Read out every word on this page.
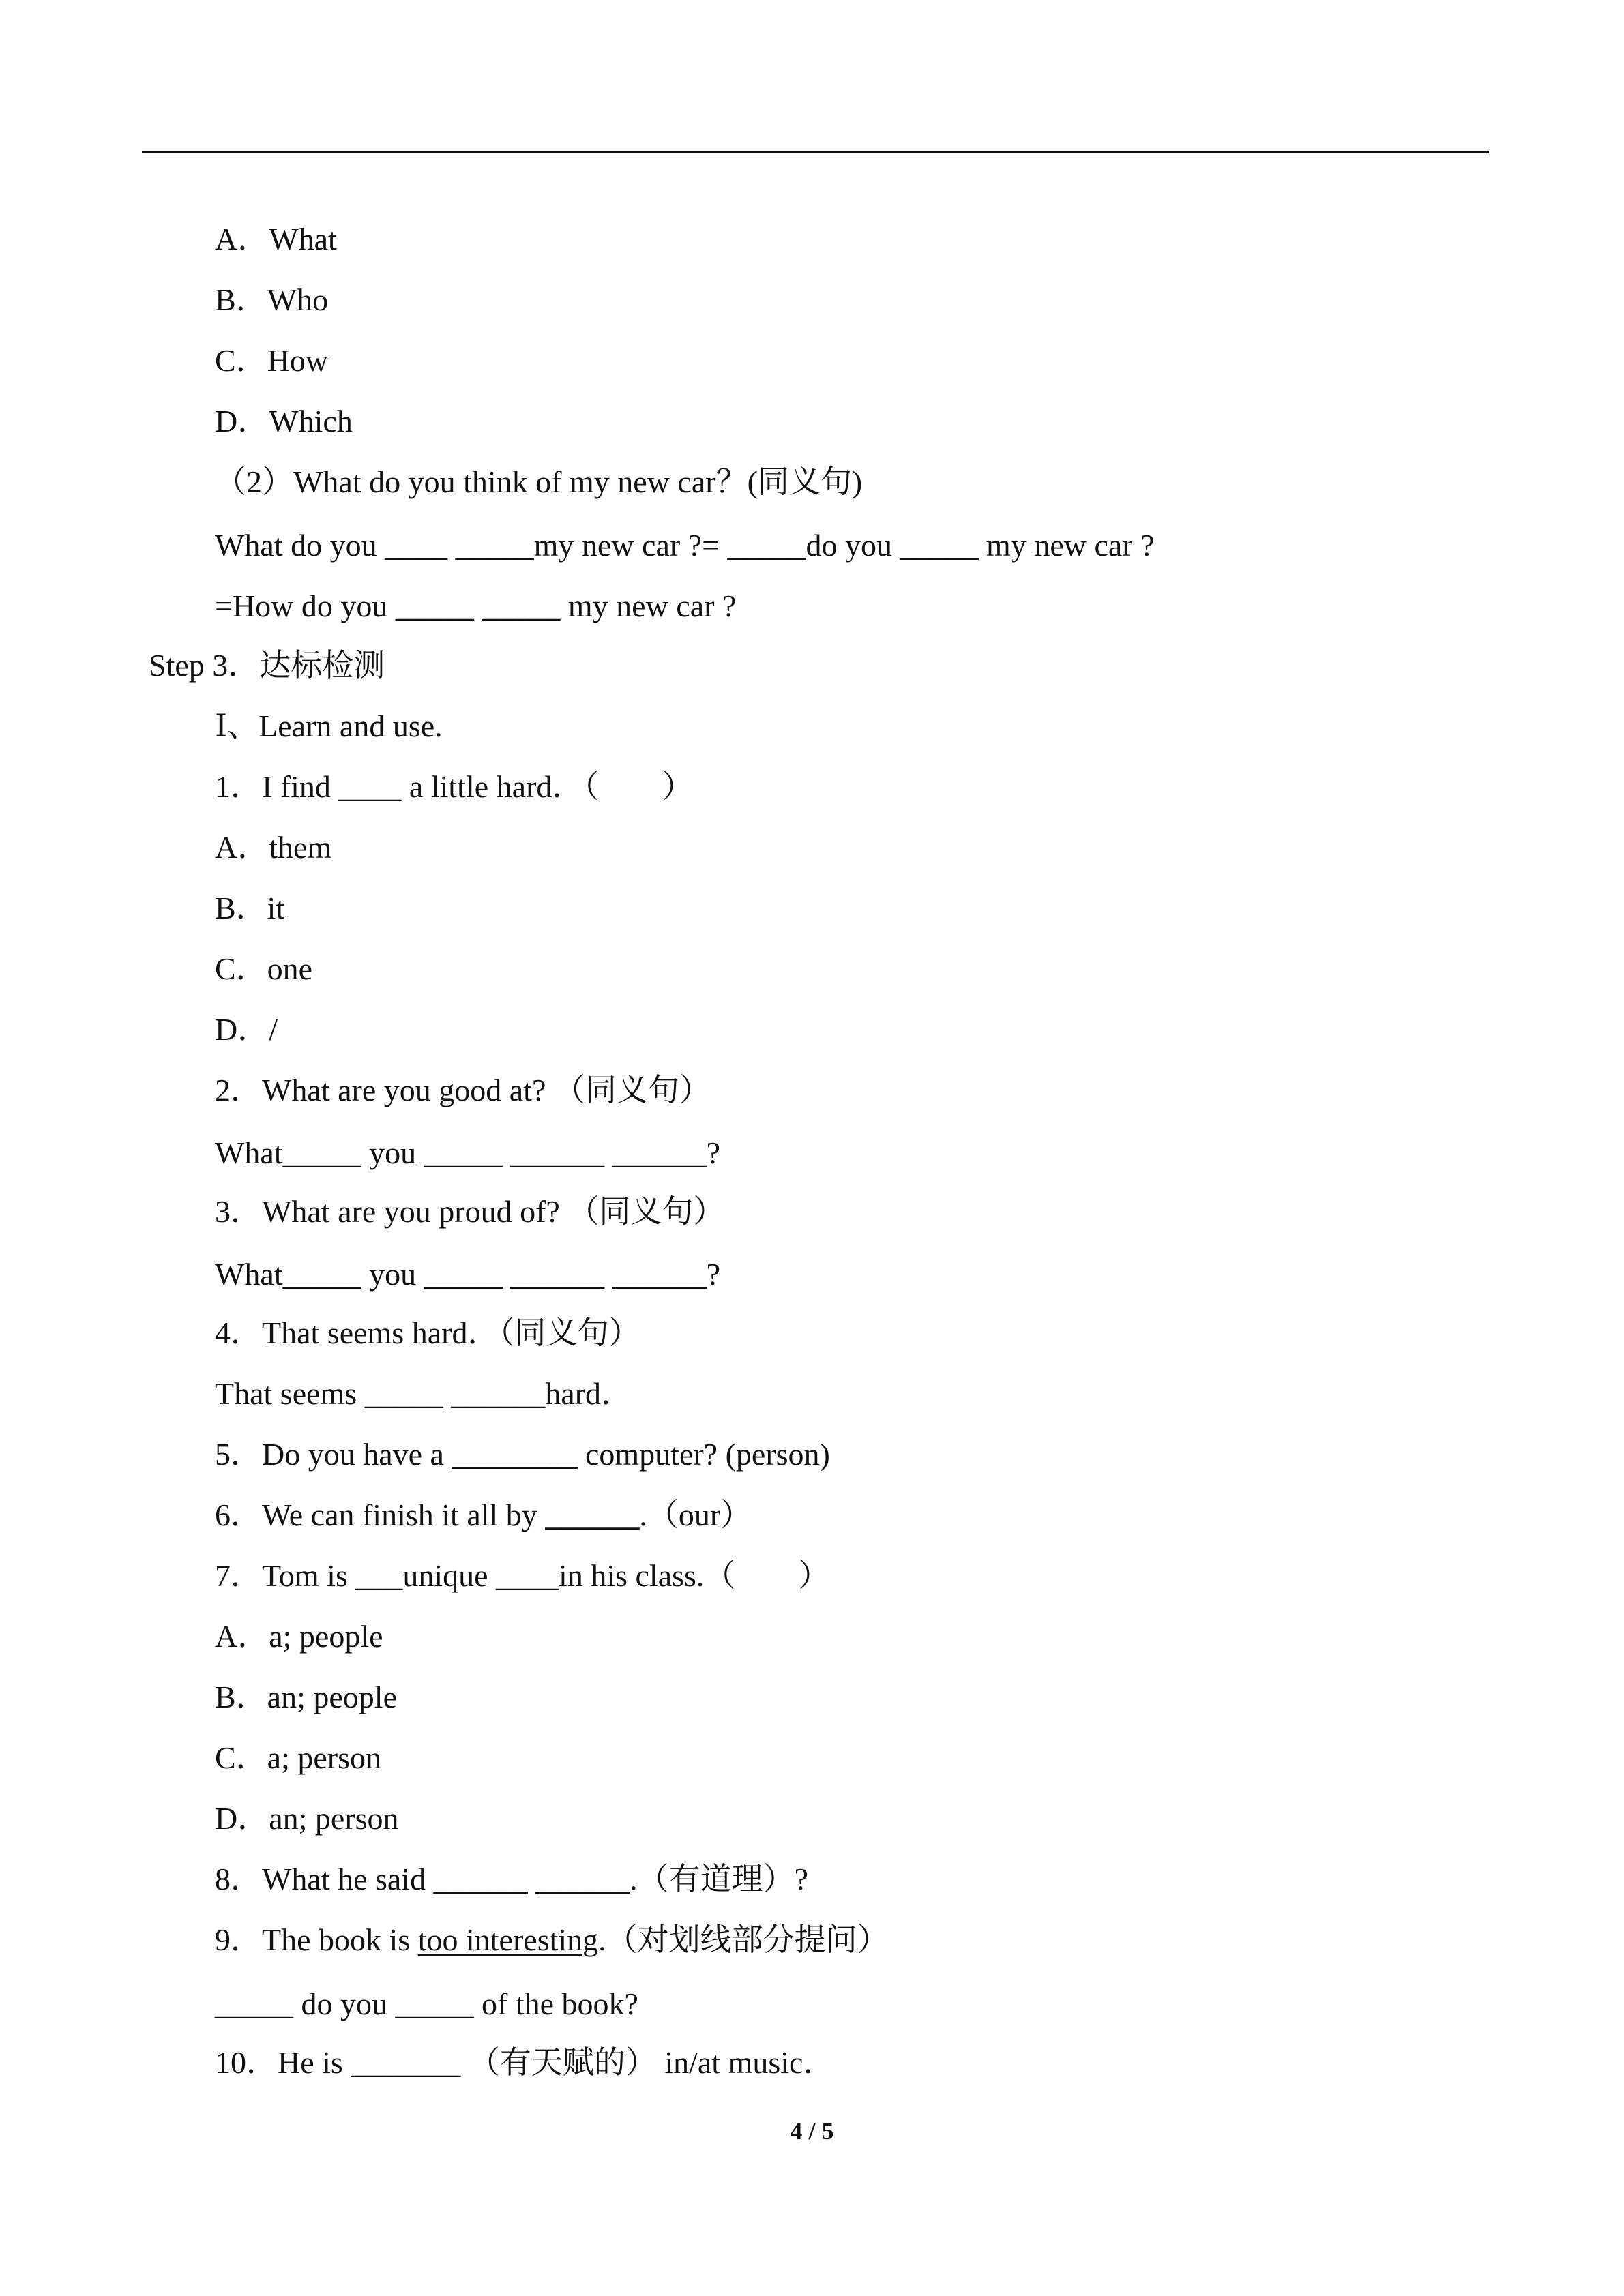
A．What
B．Who
C．How
D．Which
（2）What do you think of my new car？(同义句)
What do you ____ _____my new car ?= _____do you _____ my new car ?
=How do you _____ _____ my new car ?
Step 3．达标检测
Ⅰ、Learn and use.
1．I find ____ a little hard．（        ）
A．them
B．it
C．one
D．/
2．What are you good at? （同义句）
What_____ you _____ ______ ______?
3．What are you proud of? （同义句）
What_____ you _____ ______ ______?
4．That seems hard．（同义句）
That seems _____ ______hard．
5．Do you have a ________ computer? (person)
6．We can finish it all by ______.（our）
7．Tom is ___unique ____in his class.（        ）
A．a; people
B．an; people
C．a; person
D．an; person
8．What he said ______ ______.（有道理）?
9．The book is too interesting.（对划线部分提问）
_____ do you _____ of the book?
10．He is _______ （有天赋的） in/at music．
4 / 5
